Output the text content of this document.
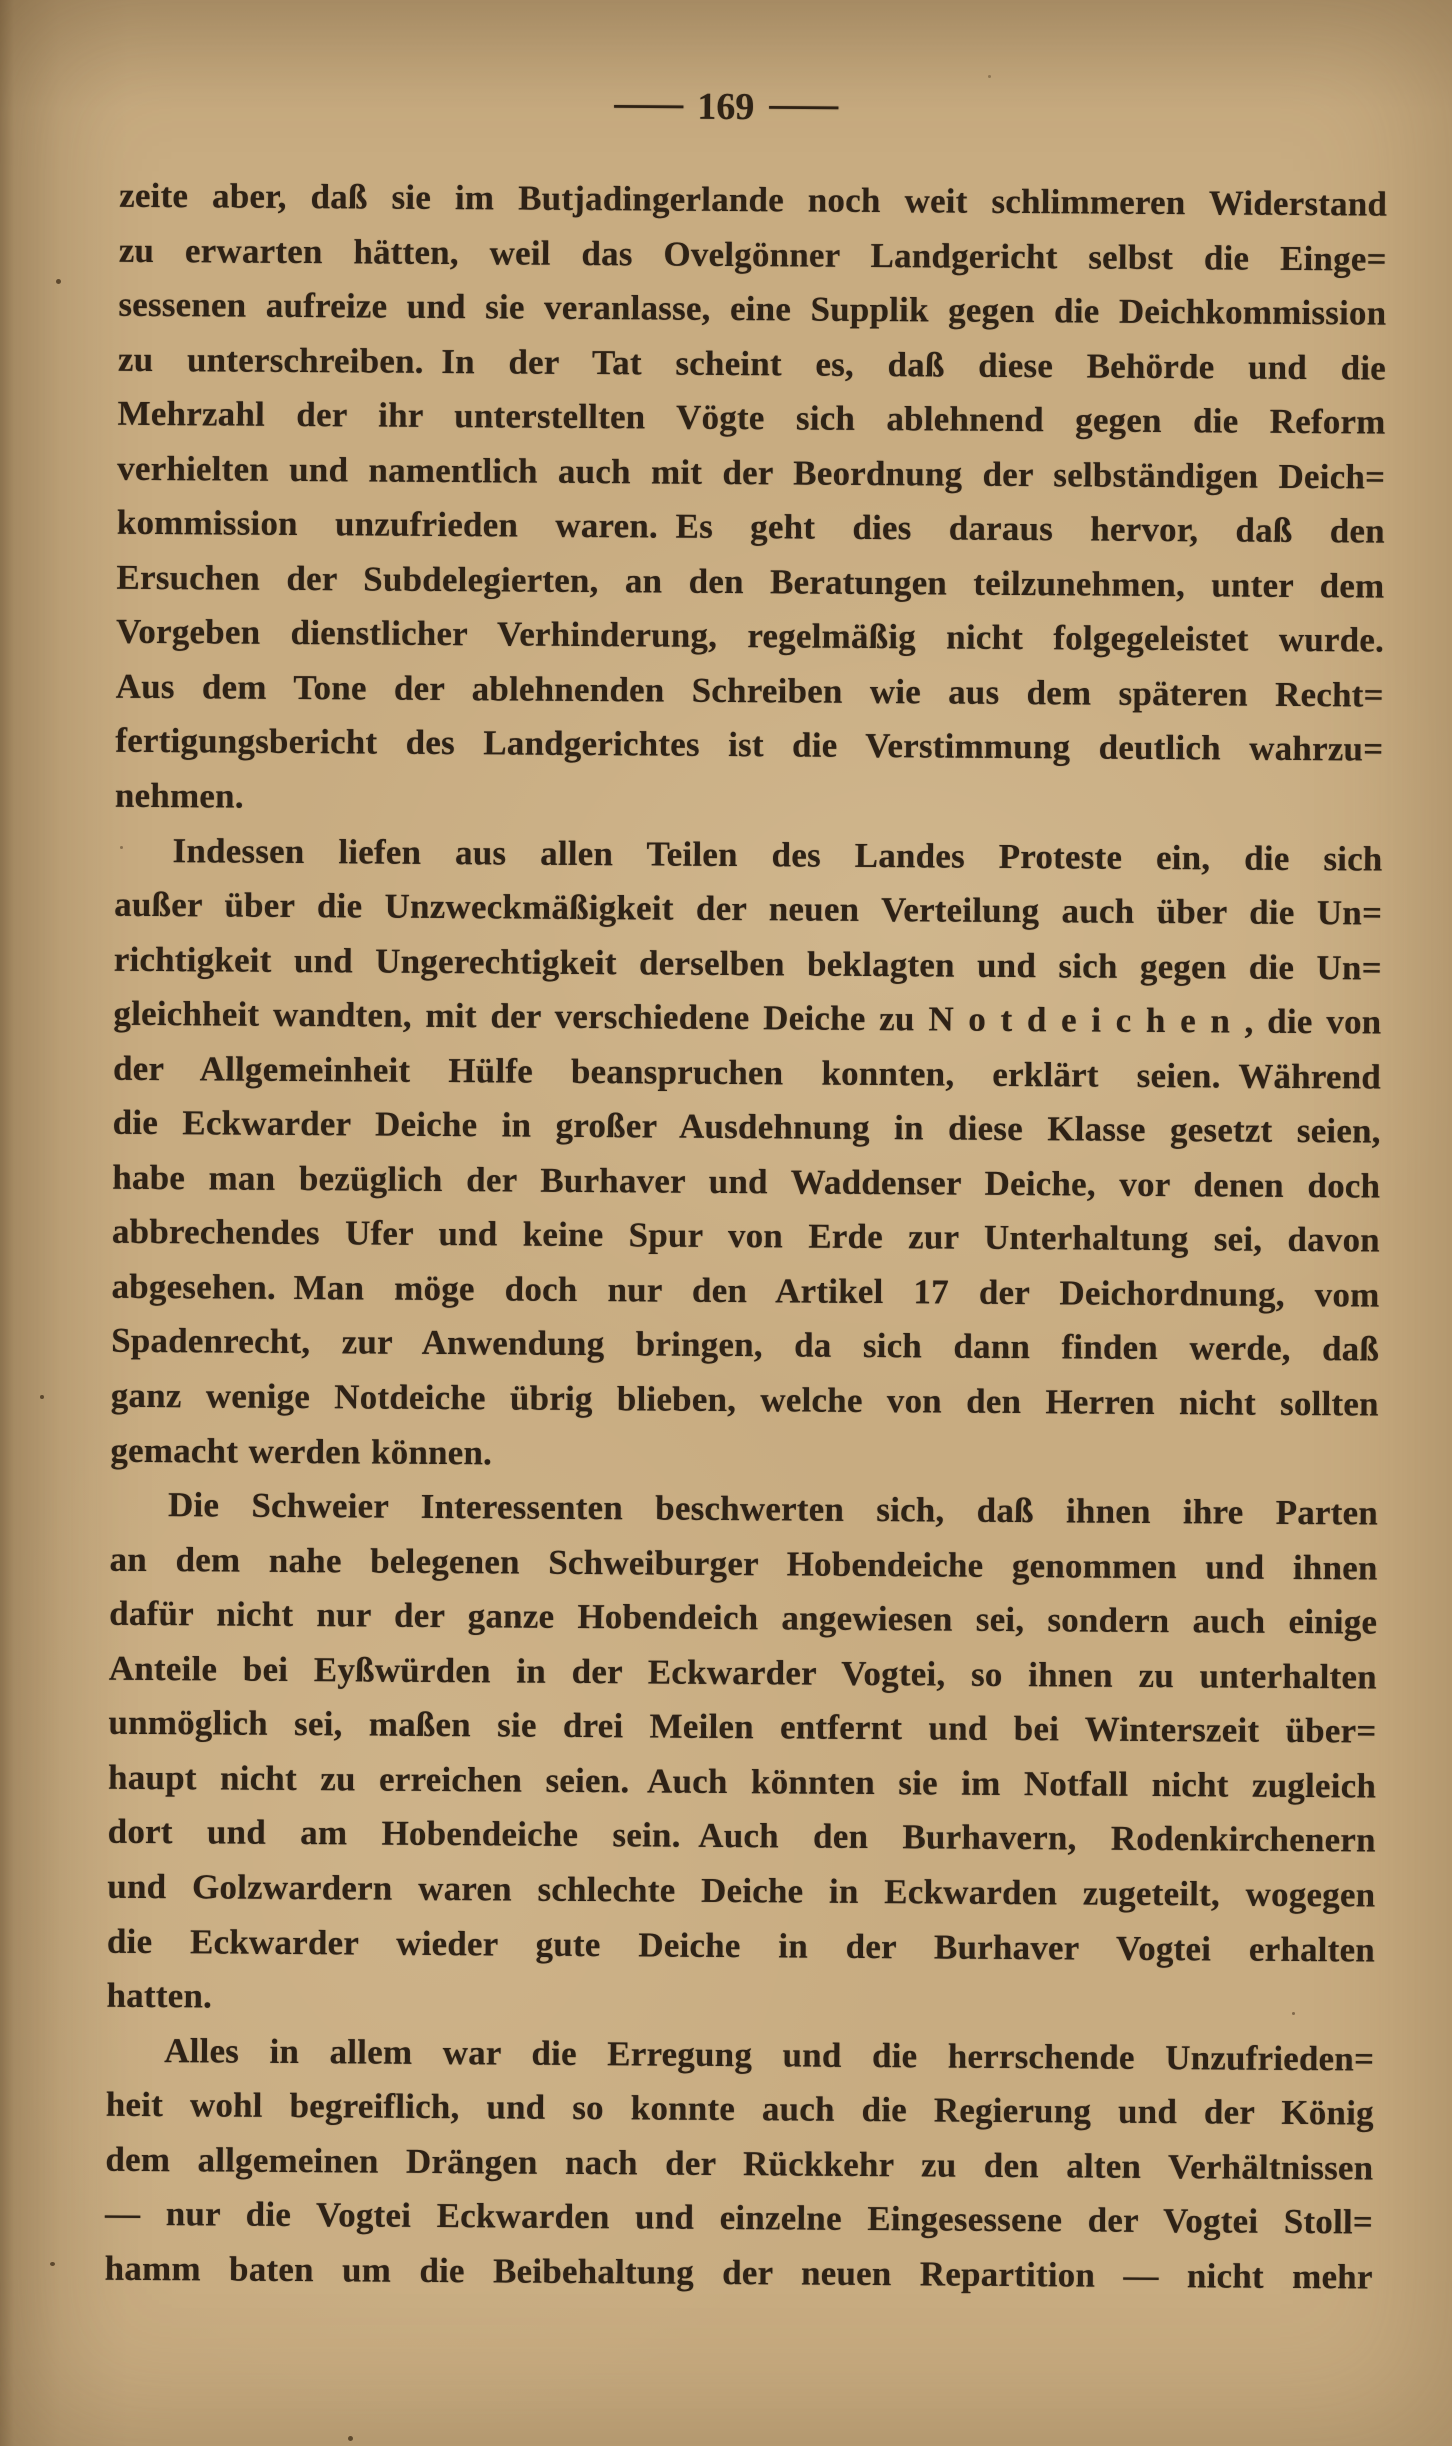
— 169 —
zeite aber, daß sie im Butjadingerlande noch weit schlimmeren Widerstand
zu erwarten hätten, weil das Ovelgönner Landgericht selbst die Einge=
sessenen aufreize und sie veranlasse, eine Supplik gegen die Deichkommission
zu unterschreiben. In der Tat scheint es, daß diese Behörde und die
Mehrzahl der ihr unterstellten Vögte sich ablehnend gegen die Reform
verhielten und namentlich auch mit der Beordnung der selbständigen Deich=
kommission unzufrieden waren. Es geht dies daraus hervor, daß den
Ersuchen der Subdelegierten, an den Beratungen teilzunehmen, unter dem
Vorgeben dienstlicher Verhinderung, regelmäßig nicht folgegeleistet wurde.
Aus dem Tone der ablehnenden Schreiben wie aus dem späteren Recht=
fertigungsbericht des Landgerichtes ist die Verstimmung deutlich wahrzu=
nehmen.
Indessen liefen aus allen Teilen des Landes Proteste ein, die sich
außer über die Unzweckmäßigkeit der neuen Verteilung auch über die Un=
richtigkeit und Ungerechtigkeit derselben beklagten und sich gegen die Un=
gleichheit wandten, mit der verschiedene Deiche zu Notdeichen, die von
der Allgemeinheit Hülfe beanspruchen konnten, erklärt seien. Während
die Eckwarder Deiche in großer Ausdehnung in diese Klasse gesetzt seien,
habe man bezüglich der Burhaver und Waddenser Deiche, vor denen doch
abbrechendes Ufer und keine Spur von Erde zur Unterhaltung sei, davon
abgesehen. Man möge doch nur den Artikel 17 der Deichordnung, vom
Spadenrecht, zur Anwendung bringen, da sich dann finden werde, daß
ganz wenige Notdeiche übrig blieben, welche von den Herren nicht sollten
gemacht werden können.
Die Schweier Interessenten beschwerten sich, daß ihnen ihre Parten
an dem nahe belegenen Schweiburger Hobendeiche genommen und ihnen
dafür nicht nur der ganze Hobendeich angewiesen sei, sondern auch einige
Anteile bei Eyßwürden in der Eckwarder Vogtei, so ihnen zu unterhalten
unmöglich sei, maßen sie drei Meilen entfernt und bei Winterszeit über=
haupt nicht zu erreichen seien. Auch könnten sie im Notfall nicht zugleich
dort und am Hobendeiche sein. Auch den Burhavern, Rodenkirchenern
und Golzwardern waren schlechte Deiche in Eckwarden zugeteilt, wogegen
die Eckwarder wieder gute Deiche in der Burhaver Vogtei erhalten
hatten.
Alles in allem war die Erregung und die herrschende Unzufrieden=
heit wohl begreiflich, und so konnte auch die Regierung und der König
dem allgemeinen Drängen nach der Rückkehr zu den alten Verhältnissen
— nur die Vogtei Eckwarden und einzelne Eingesessene der Vogtei Stoll=
hamm baten um die Beibehaltung der neuen Repartition — nicht mehr
